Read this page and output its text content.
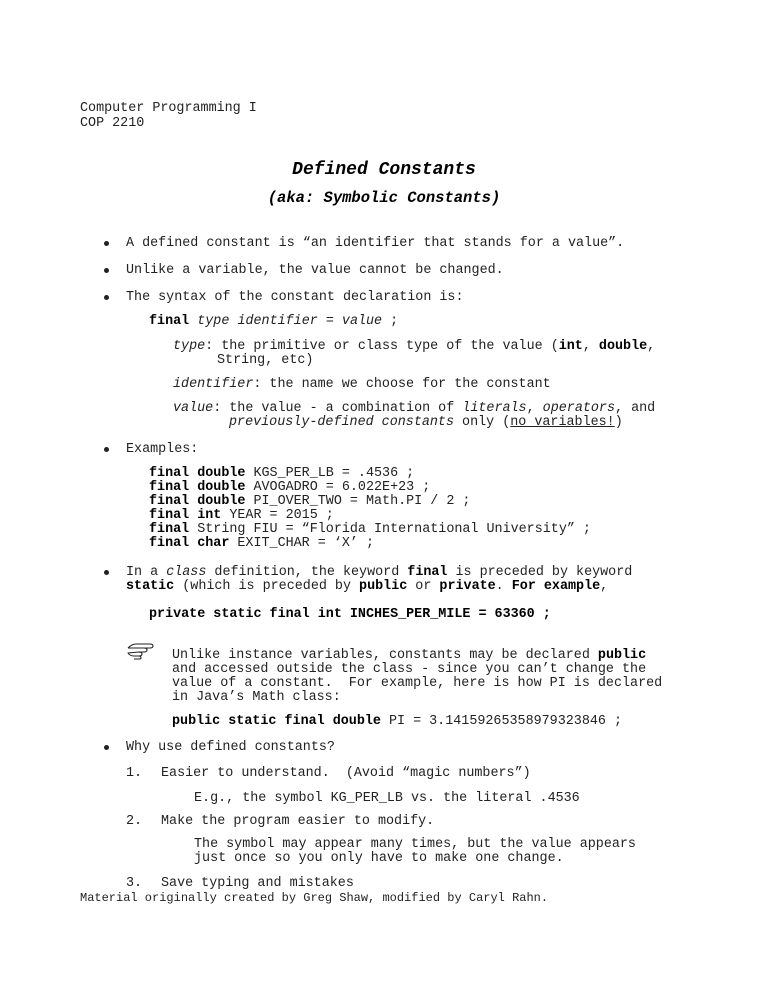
Computer Programming I
COP 2210
Defined Constants
(aka: Symbolic Constants)
A defined constant is “an identifier that stands for a value”.
Unlike a variable, the value cannot be changed.
The syntax of the constant declaration is:
final type identifier = value ;
type: the primitive or class type of the value (int, double,
String, etc)
identifier: the name we choose for the constant
value: the value - a combination of literals, operators, and
previously-defined constants only (no variables!)
Examples:
final double KGS_PER_LB = .4536 ;
final double AVOGADRO = 6.022E+23 ;
final double PI_OVER_TWO = Math.PI / 2 ;
final int YEAR = 2015 ;
final String FIU = “Florida International University” ;
final char EXIT_CHAR = ‘X’ ;
In a class definition, the keyword final is preceded by keyword
static (which is preceded by public or private. For example,
private static final int INCHES_PER_MILE = 63360 ;
Unlike instance variables, constants may be declared public
and accessed outside the class - since you can’t change the
value of a constant.  For example, here is how PI is declared
in Java’s Math class:
public static final double PI = 3.14159265358979323846 ;
Why use defined constants?
1. Easier to understand.  (Avoid “magic numbers”)
E.g., the symbol KG_PER_LB vs. the literal .4536
2. Make the program easier to modify.
The symbol may appear many times, but the value appears
just once so you only have to make one change.
3. Save typing and mistakes
Material originally created by Greg Shaw, modified by Caryl Rahn.
